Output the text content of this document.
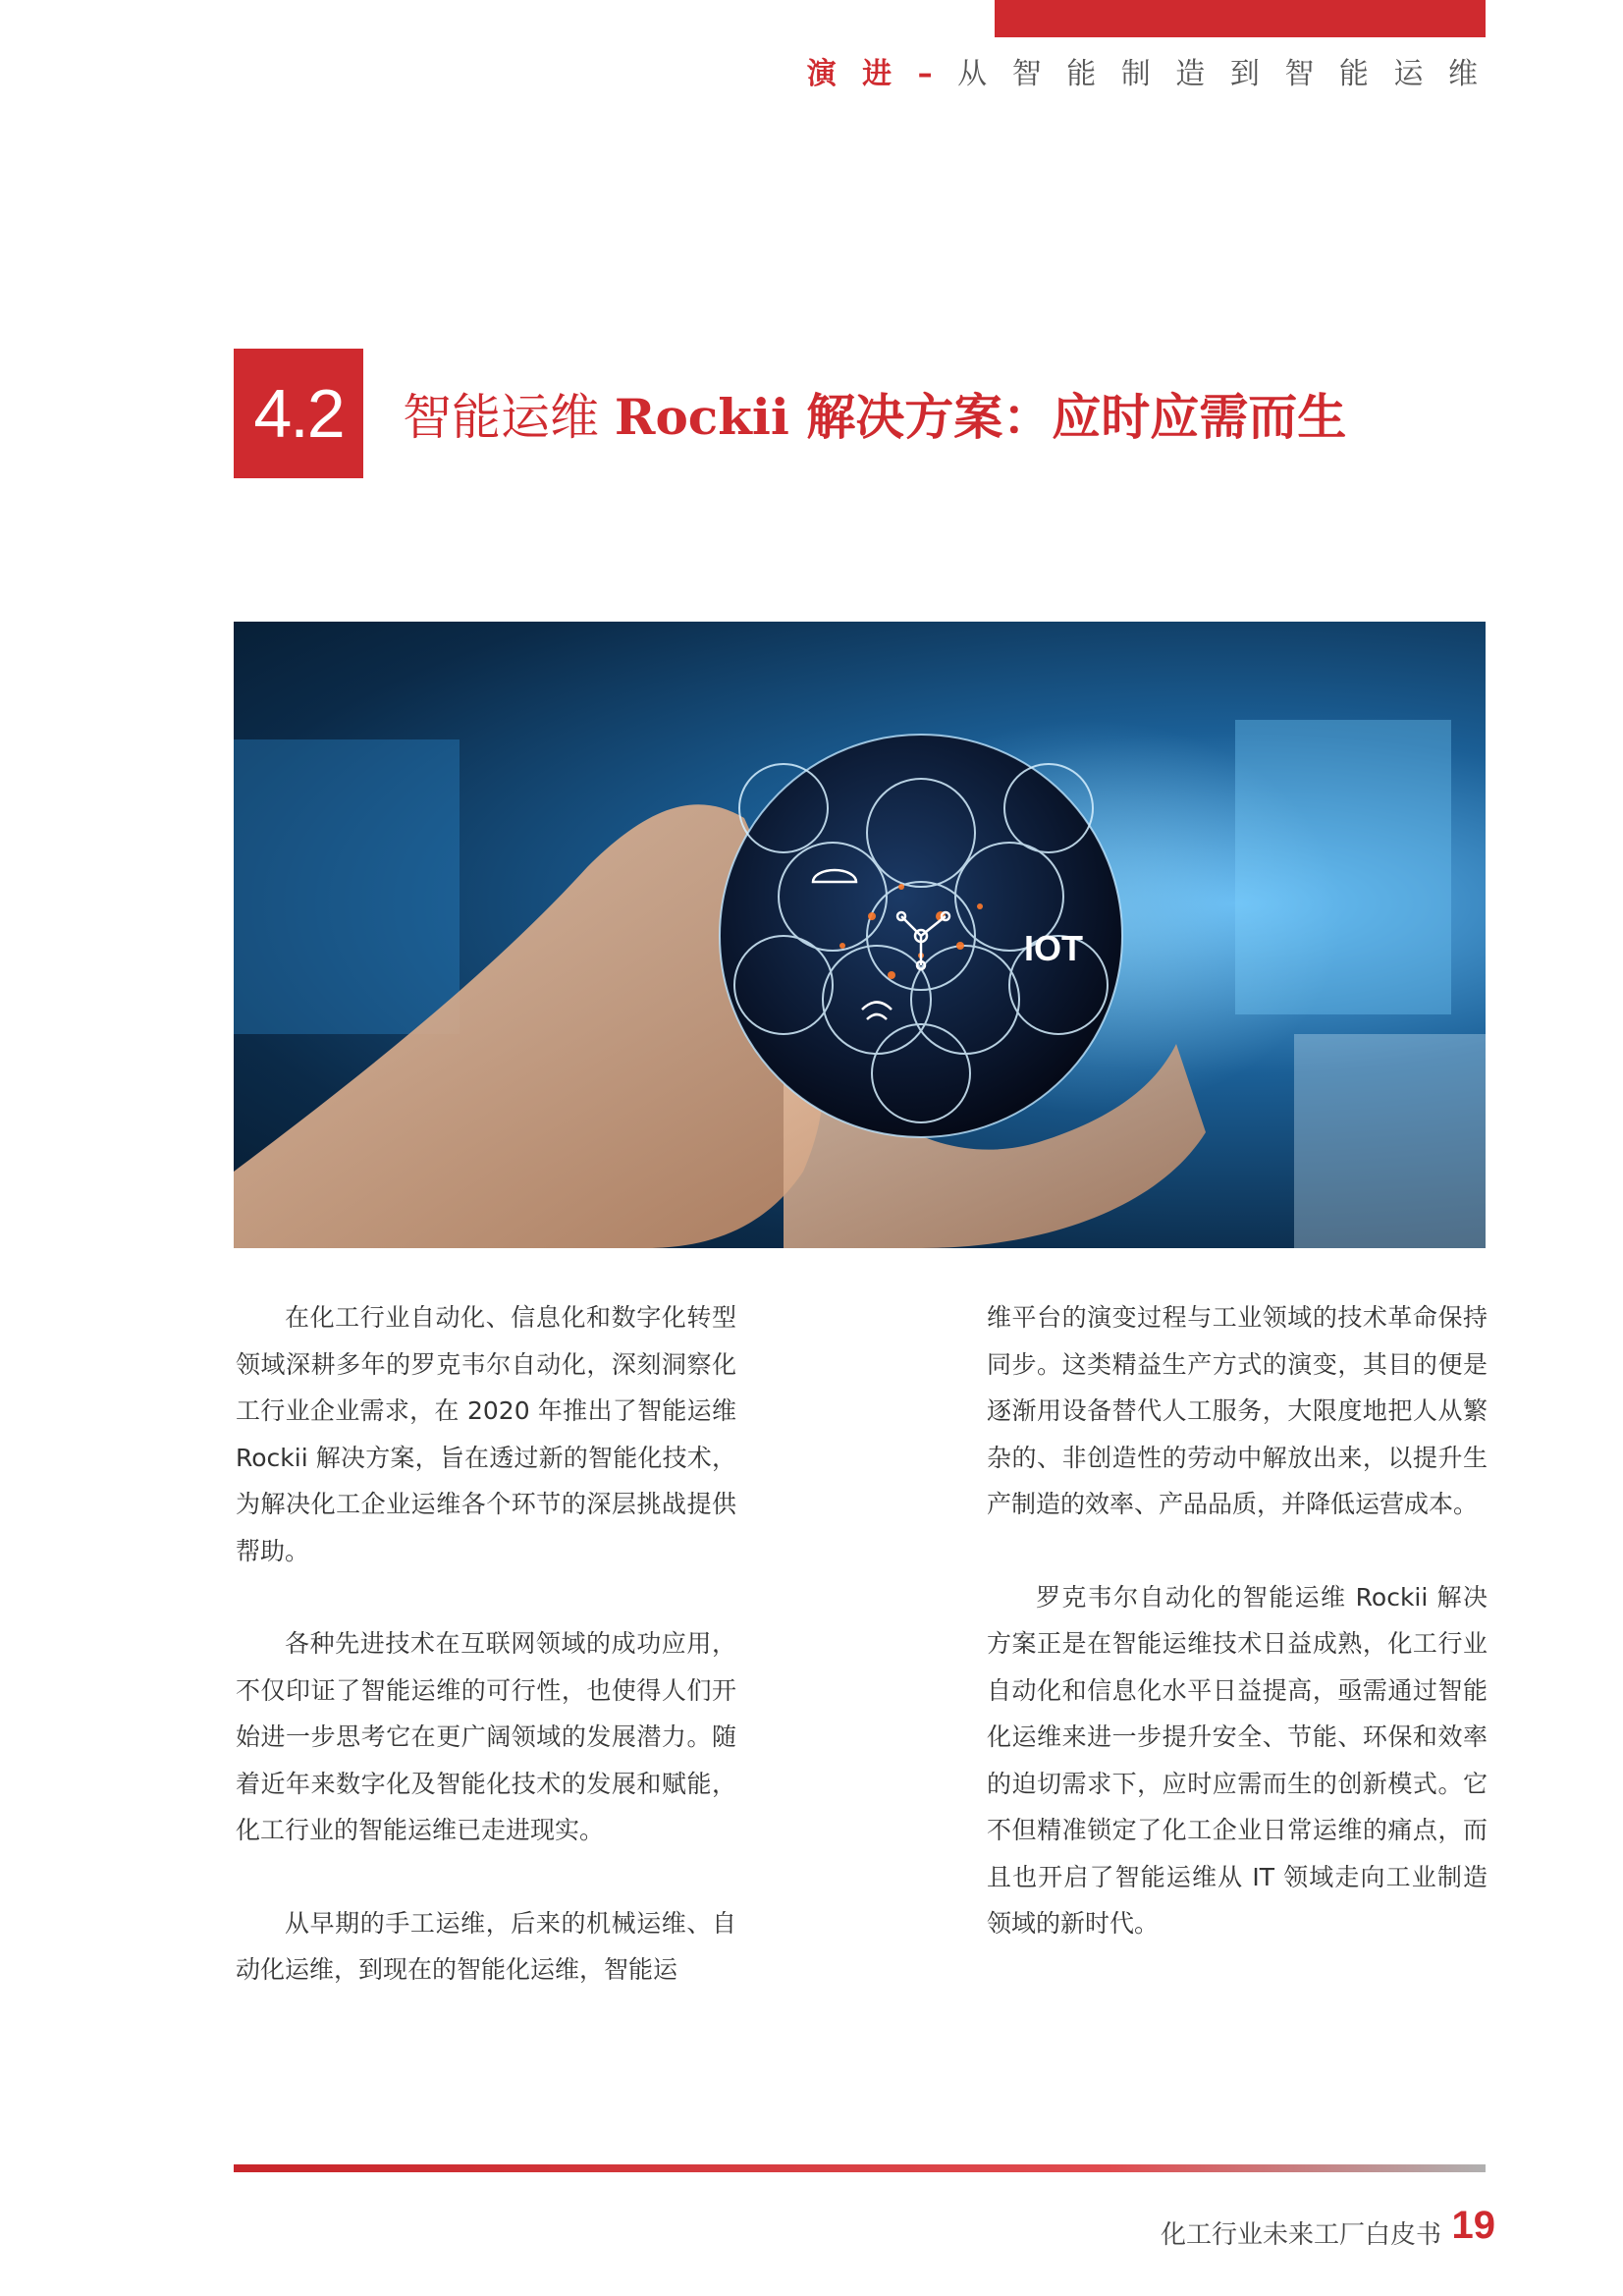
演 进 – 从 智 能 制 造 到 智 能 运 维
4.2	智能运维 Rockii 解决方案：应时应需而生
IOT

在化工行业自动化、信息化和数字化转型领域深耕多年的罗克韦尔自动化，深刻洞察化工行业企业需求，在 2020 年推出了智能运维 Rockii 解决方案，旨在透过新的智能化技术，为解决化工企业运维各个环节的深层挑战提供帮助。

各种先进技术在互联网领域的成功应用，不仅印证了智能运维的可行性，也使得人们开始进一步思考它在更广阔领域的发展潜力。随着近年来数字化及智能化技术的发展和赋能，化工行业的智能运维已走进现实。

从早期的手工运维，后来的机械运维、自动化运维，到现在的智能化运维，智能运

维平台的演变过程与工业领域的技术革命保持同步。这类精益生产方式的演变，其目的便是逐渐用设备替代人工服务，大限度地把人从繁杂的、非创造性的劳动中解放出来，以提升生产制造的效率、产品品质，并降低运营成本。

罗克韦尔自动化的智能运维 Rockii 解决方案正是在智能运维技术日益成熟，化工行业自动化和信息化水平日益提高，亟需通过智能化运维来进一步提升安全、节能、环保和效率的迫切需求下，应时应需而生的创新模式。它不但精准锁定了化工企业日常运维的痛点，而且也开启了智能运维从 IT 领域走向工业制造领域的新时代。

化工行业未来工厂白皮书 19
